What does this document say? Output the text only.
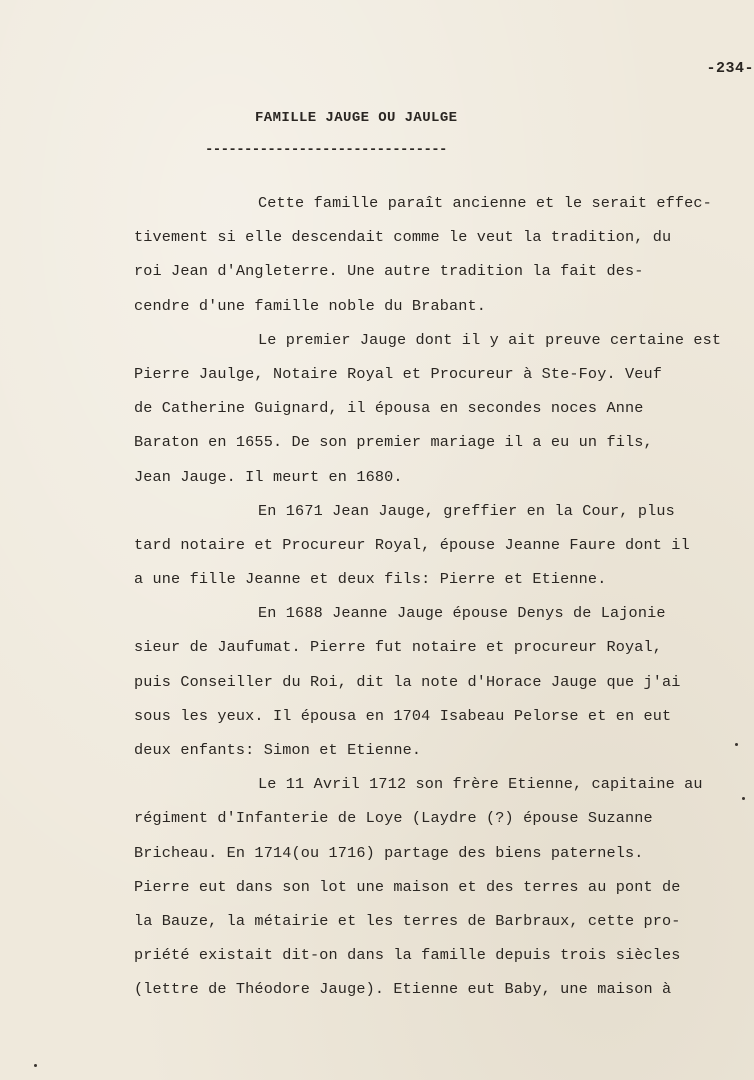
-234-
FAMILLE JAUGE OU JAULGE
-------------------------------
Cette famille paraît ancienne et le serait effec-
tivement si elle descendait comme le veut la tradition, du
roi Jean d'Angleterre. Une autre tradition la fait des-
cendre d'une famille noble du Brabant.
Le premier Jauge dont il y ait preuve certaine est
Pierre Jaulge, Notaire Royal et Procureur à Ste-Foy. Veuf
de Catherine Guignard, il épousa en secondes noces Anne
Baraton en 1655. De son premier mariage il a eu un fils,
Jean Jauge. Il meurt en 1680.
En 1671 Jean Jauge, greffier en la Cour, plus
tard notaire et Procureur Royal, épouse Jeanne Faure dont il
a une fille Jeanne et deux fils: Pierre et Etienne.
En 1688 Jeanne Jauge épouse Denys de Lajonie
sieur de Jaufumat. Pierre fut notaire et procureur Royal,
puis Conseiller du Roi, dit la note d'Horace Jauge que j'ai
sous les yeux. Il épousa en 1704 Isabeau Pelorse et en eut
deux enfants: Simon et Etienne.
Le 11 Avril 1712 son frère Etienne, capitaine au
régiment d'Infanterie de Loye (Laydre (?) épouse Suzanne
Bricheau. En 1714(ou 1716) partage des biens paternels.
Pierre eut dans son lot une maison et des terres au pont de
la Bauze, la métairie et les terres de Barbraux, cette pro-
priété existait dit-on dans la famille depuis trois siècles
(lettre de Théodore Jauge). Etienne eut Baby, une maison à
